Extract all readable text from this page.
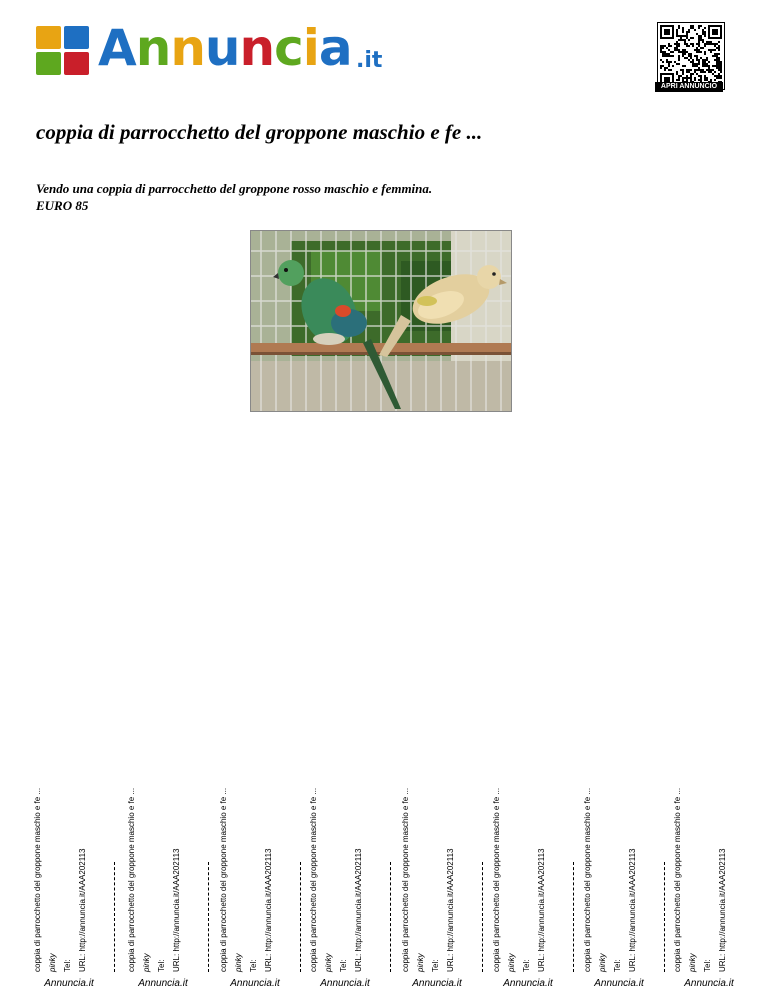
Annuncia .it
APRI ANNUNCIO
coppia di parrocchetto del groppone maschio e fe ...
Vendo una coppia di parrocchetto del groppone rosso maschio e femmina.
EURO 85
coppia di parrocchetto del groppone maschio e fe ... pinky Tel: URL: http://annuncia.it/AAA202113
Annuncia.it
coppia di parrocchetto del groppone maschio e fe ... pinky Tel: URL: http://annuncia.it/AAA202113
Annuncia.it
coppia di parrocchetto del groppone maschio e fe ... pinky Tel: URL: http://annuncia.it/AAA202113
Annuncia.it
coppia di parrocchetto del groppone maschio e fe ... pinky Tel: URL: http://annuncia.it/AAA202113
Annuncia.it
coppia di parrocchetto del groppone maschio e fe ... pinky Tel: URL: http://annuncia.it/AAA202113
Annuncia.it
coppia di parrocchetto del groppone maschio e fe ... pinky Tel: URL: http://annuncia.it/AAA202113
Annuncia.it
coppia di parrocchetto del groppone maschio e fe ... pinky Tel: URL: http://annuncia.it/AAA202113
Annuncia.it
coppia di parrocchetto del groppone maschio e fe ... pinky Tel: URL: http://annuncia.it/AAA202113
Annuncia.it
